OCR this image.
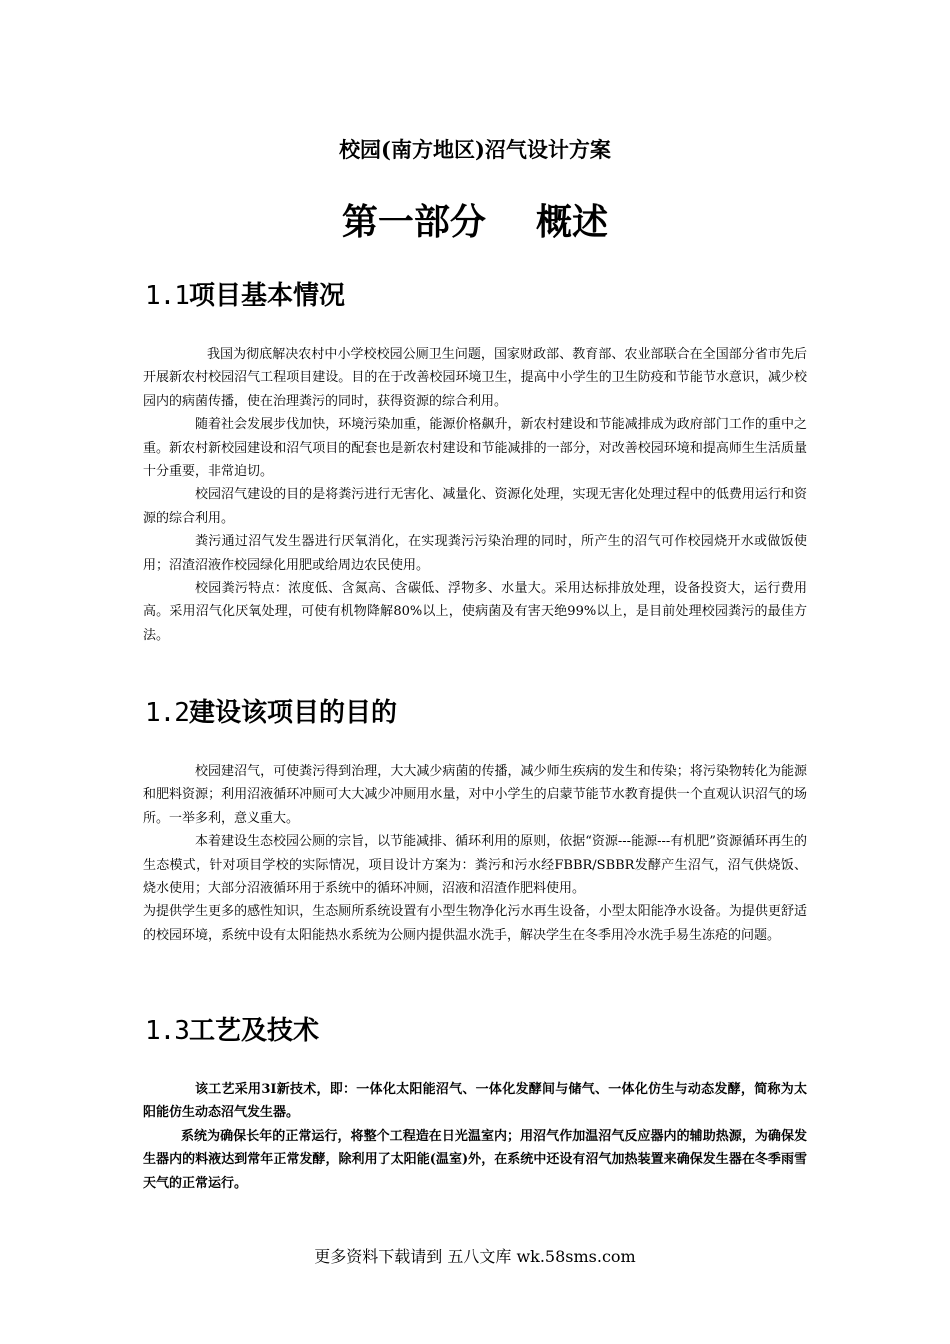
校园(南方地区)沼气设计方案
第一部分    概述
1.1项目基本情况

我国为彻底解决农村中小学校校园公厕卫生问题，国家财政部、教育部、农业部联合在全国部分省市先后开展新农村校园沼气工程项目建设。目的在于改善校园环境卫生，提高中小学生的卫生防疫和节能节水意识，减少校园内的病菌传播，使在治理粪污的同时，获得资源的综合利用。

随着社会发展步伐加快，环境污染加重，能源价格飙升，新农村建设和节能减排成为政府部门工作的重中之重。新农村新校园建设和沼气项目的配套也是新农村建设和节能减排的一部分，对改善校园环境和提高师生生活质量十分重要，非常迫切。

校园沼气建设的目的是将粪污进行无害化、减量化、资源化处理，实现无害化处理过程中的低费用运行和资源的综合利用。

粪污通过沼气发生器进行厌氧消化，在实现粪污污染治理的同时，所产生的沼气可作校园烧开水或做饭使用；沼渣沼液作校园绿化用肥或给周边农民使用。

校园粪污特点：浓度低、含氮高、含碳低、浮物多、水量大。采用达标排放处理，设备投资大，运行费用高。采用沼气化厌氧处理，可使有机物降解80%以上，使病菌及有害天绝99%以上，是目前处理校园粪污的最佳方法。

1.2建设该项目的目的

校园建沼气，可使粪污得到治理，大大减少病菌的传播，减少师生疾病的发生和传染；将污染物转化为能源和肥料资源；利用沼液循环冲厕可大大减少冲厕用水量，对中小学生的启蒙节能节水教育提供一个直观认识沼气的场所。一举多利，意义重大。

本着建设生态校园公厕的宗旨，以节能减排、循环利用的原则，依据“资源---能源---有机肥”资源循环再生的生态模式，针对项目学校的实际情况，项目设计方案为：粪污和污水经FBBR/SBBR发酵产生沼气，沼气供烧饭、烧水使用；大部分沼液循环用于系统中的循环冲厕，沼液和沼渣作肥料使用。

为提供学生更多的感性知识，生态厕所系统设置有小型生物净化污水再生设备，小型太阳能净水设备。为提供更舒适的校园环境，系统中设有太阳能热水系统为公厕内提供温水洗手，解决学生在冬季用冷水洗手易生冻疮的问题。

1.3工艺及技术

该工艺采用3I新技术，即：一体化太阳能沼气、一体化发酵间与储气、一体化仿生与动态发酵，简称为太阳能仿生动态沼气发生器。

系统为确保长年的正常运行，将整个工程造在日光温室内；用沼气作加温沼气反应器内的辅助热源，为确保发生器内的料液达到常年正常发酵，除利用了太阳能(温室)外，在系统中还设有沼气加热装置来确保发生器在冬季雨雪天气的正常运行。

更多资料下载请到 五八文库 wk.58sms.com
